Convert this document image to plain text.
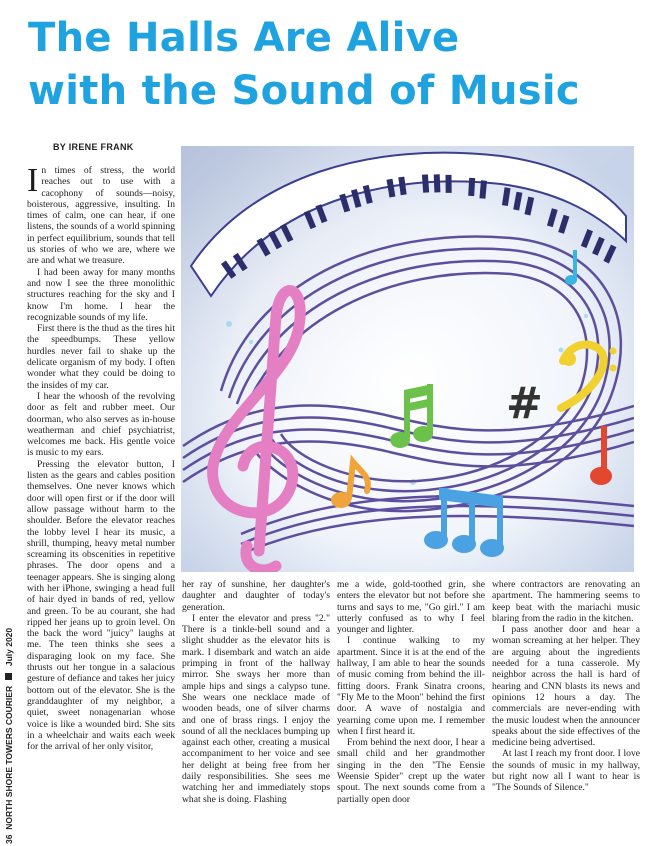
The Halls Are Alive
with the Sound of Music
BY IRENE FRANK
36  NORTH SHORE TOWERS COURIER  July 2020

In times of stress, the world reaches out to use with a cacophony of sounds—noisy, boisterous, aggressive, insulting. In times of calm, one can hear, if one listens, the sounds of a world spinning in perfect equilibrium, sounds that tell us stories of who we are, where we are and what we treasure.

I had been away for many months and now I see the three monolithic structures reaching for the sky and I know I'm home. I hear the recognizable sounds of my life.

First there is the thud as the tires hit the speedbumps. These yellow hurdles never fail to shake up the delicate organism of my body. I often wonder what they could be doing to the insides of my car.

I hear the whoosh of the revolving door as felt and rubber meet. Our doorman, who also serves as in-house weatherman and chief psychiatrist, welcomes me back. His gentle voice is music to my ears.

Pressing the elevator button, I listen as the gears and cables position themselves. One never knows which door will open first or if the door will allow passage without harm to the shoulder. Before the elevator reaches the lobby level I hear its music, a shrill, thumping, heavy metal number screaming its obscenities in repetitive phrases. The door opens and a teenager appears. She is singing along with her iPhone, swinging a head full of hair dyed in bands of red, yellow and green. To be au courant, she had ripped her jeans up to groin level. On the back the word "juicy" laughs at me. The teen thinks she sees a disparaging look on my face. She thrusts out her tongue in a salacious gesture of defiance and takes her juicy bottom out of the elevator. She is the granddaughter of my neighbor, a quiet, sweet nonagenarian whose voice is like a wounded bird. She sits in a wheelchair and waits each week for the arrival of her only visitor,

#

her ray of sunshine, her daughter's daughter and daughter of today's generation.

I enter the elevator and press "2." There is a tinkle-bell sound and a slight shudder as the elevator hits is mark. I disembark and watch an aide primping in front of the hallway mirror. She sways her more than ample hips and sings a calypso tune. She wears one necklace made of wooden beads, one of silver charms and one of brass rings. I enjoy the sound of all the necklaces bumping up against each other, creating a musical accompaniment to her voice and see her delight at being free from her daily responsibilities. She sees me watching her and immediately stops what she is doing. Flashing

me a wide, gold-toothed grin, she enters the elevator but not before she turns and says to me, "Go girl." I am utterly confused as to why I feel younger and lighter.

I continue walking to my apartment. Since it is at the end of the hallway, I am able to hear the sounds of music coming from behind the ill-fitting doors. Frank Sinatra croons, "Fly Me to the Moon" behind the first door. A wave of nostalgia and yearning come upon me. I remember when I first heard it.

From behind the next door, I hear a small child and her grandmother singing in the den "The Eensie Weensie Spider" crept up the water spout. The next sounds come from a partially open door

where contractors are renovating an apartment. The hammering seems to keep beat with the mariachi music blaring from the radio in the kitchen.

I pass another door and hear a woman screaming at her helper. They are arguing about the ingredients needed for a tuna casserole. My neighbor across the hall is hard of hearing and CNN blasts its news and opinions 12 hours a day. The commercials are never-ending with the music loudest when the announcer speaks about the side effectives of the medicine being advertised.

At last I reach my front door. I love the sounds of music in my hallway, but right now all I want to hear is "The Sounds of Silence."
